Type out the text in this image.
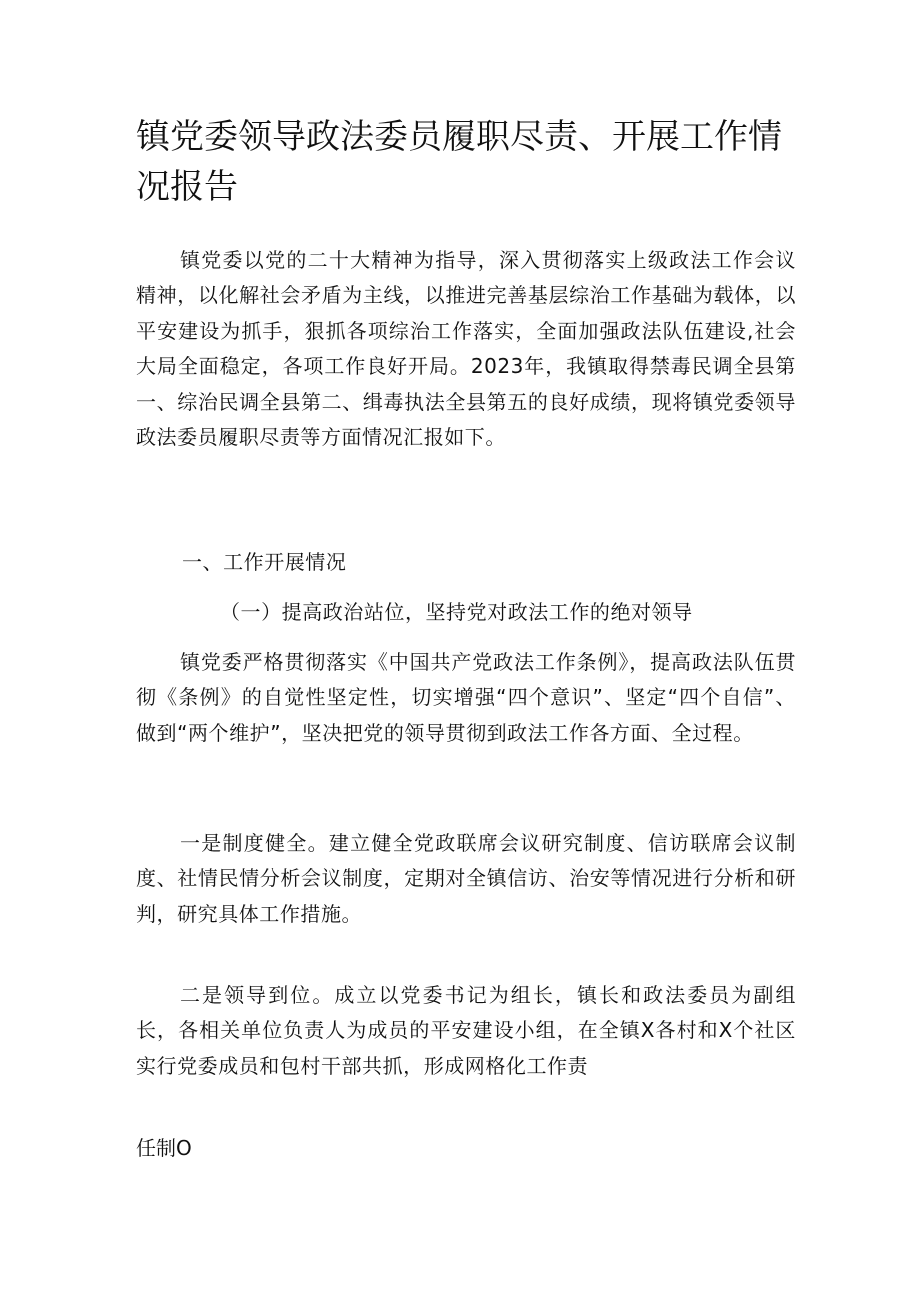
镇党委领导政法委员履职尽责、开展工作情况报告

镇党委以党的二十大精神为指导，深入贯彻落实上级政法工作会议精神，以化解社会矛盾为主线，以推进完善基层综治工作基础为载体，以平安建设为抓手，狠抓各项综治工作落实，全面加强政法队伍建设,社会大局全面稳定，各项工作良好开局。2023年，我镇取得禁毒民调全县第一、综治民调全县第二、缉毒执法全县第五的良好成绩，现将镇党委领导政法委员履职尽责等方面情况汇报如下。

一、工作开展情况

（一）提高政治站位，坚持党对政法工作的绝对领导

镇党委严格贯彻落实《中国共产党政法工作条例》，提高政法队伍贯彻《条例》的自觉性坚定性，切实增强“四个意识”、坚定“四个自信”、做到“两个维护”，坚决把党的领导贯彻到政法工作各方面、全过程。

一是制度健全。建立健全党政联席会议研究制度、信访联席会议制度、社情民情分析会议制度，定期对全镇信访、治安等情况进行分析和研判，研究具体工作措施。

二是领导到位。成立以党委书记为组长，镇长和政法委员为副组长，各相关单位负责人为成员的平安建设小组，在全镇X各村和X个社区实行党委成员和包村干部共抓，形成网格化工作责

任制O
